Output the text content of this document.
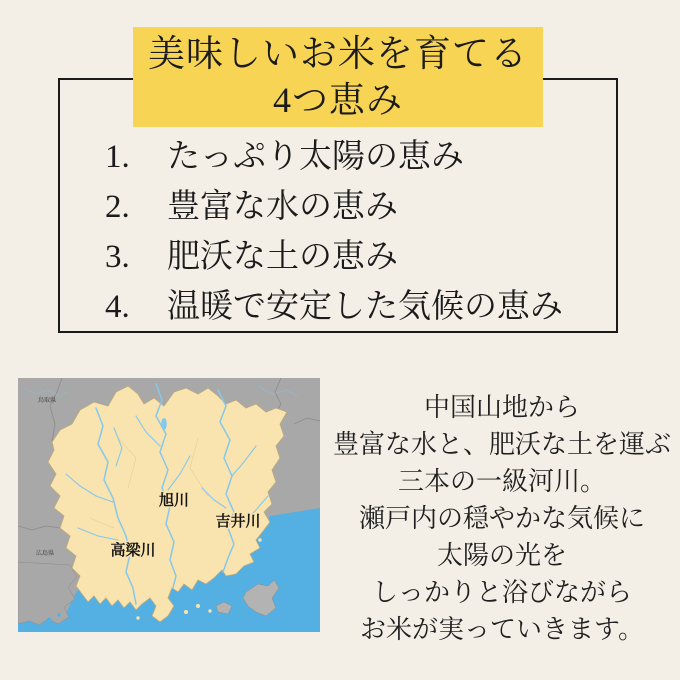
美味しいお米を育てる
4つ恵み
1.	たっぷり太陽の恵み
2.	豊富な水の恵み
3.	肥沃な土の恵み
4.	温暖で安定した気候の恵み
鳥取県
広島県
旭川
吉井川
高梁川
中国山地から
豊富な水と、肥沃な土を運ぶ
三本の一級河川。
瀬戸内の穏やかな気候に
太陽の光を
しっかりと浴びながら
お米が実っていきます。
